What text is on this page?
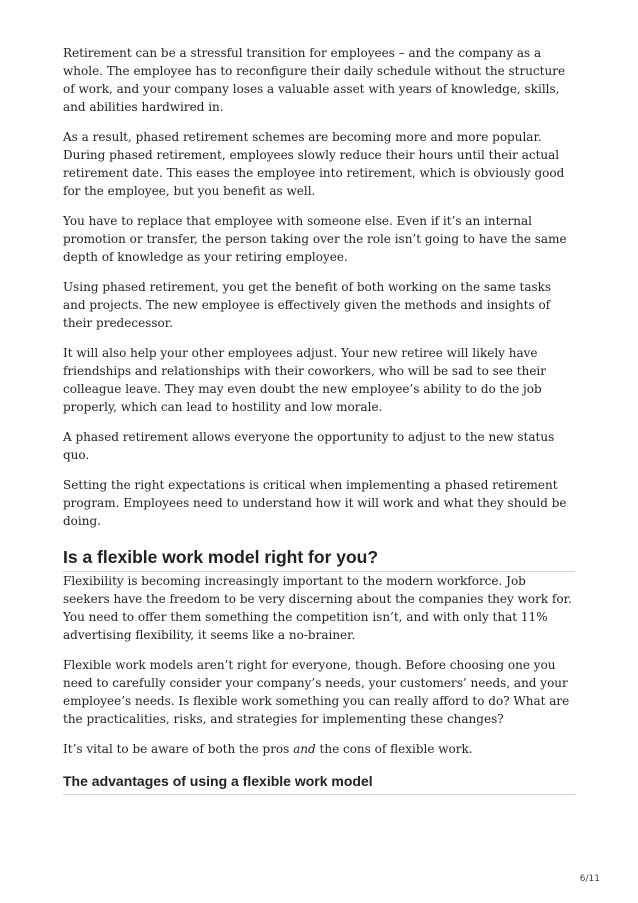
Retirement can be a stressful transition for employees – and the company as a whole. The employee has to reconfigure their daily schedule without the structure of work, and your company loses a valuable asset with years of knowledge, skills, and abilities hardwired in.

As a result, phased retirement schemes are becoming more and more popular. During phased retirement, employees slowly reduce their hours until their actual retirement date. This eases the employee into retirement, which is obviously good for the employee, but you benefit as well.

You have to replace that employee with someone else. Even if it’s an internal promotion or transfer, the person taking over the role isn’t going to have the same depth of knowledge as your retiring employee.

Using phased retirement, you get the benefit of both working on the same tasks and projects. The new employee is effectively given the methods and insights of their predecessor.

It will also help your other employees adjust. Your new retiree will likely have friendships and relationships with their coworkers, who will be sad to see their colleague leave. They may even doubt the new employee’s ability to do the job properly, which can lead to hostility and low morale.

A phased retirement allows everyone the opportunity to adjust to the new status quo.

Setting the right expectations is critical when implementing a phased retirement program. Employees need to understand how it will work and what they should be doing.

Is a flexible work model right for you?

Flexibility is becoming increasingly important to the modern workforce. Job seekers have the freedom to be very discerning about the companies they work for. You need to offer them something the competition isn’t, and with only that 11% advertising flexibility, it seems like a no-brainer.

Flexible work models aren’t right for everyone, though. Before choosing one you need to carefully consider your company’s needs, your customers’ needs, and your employee’s needs. Is flexible work something you can really afford to do? What are the practicalities, risks, and strategies for implementing these changes?

It’s vital to be aware of both the pros and the cons of flexible work.

The advantages of using a flexible work model
6/11
